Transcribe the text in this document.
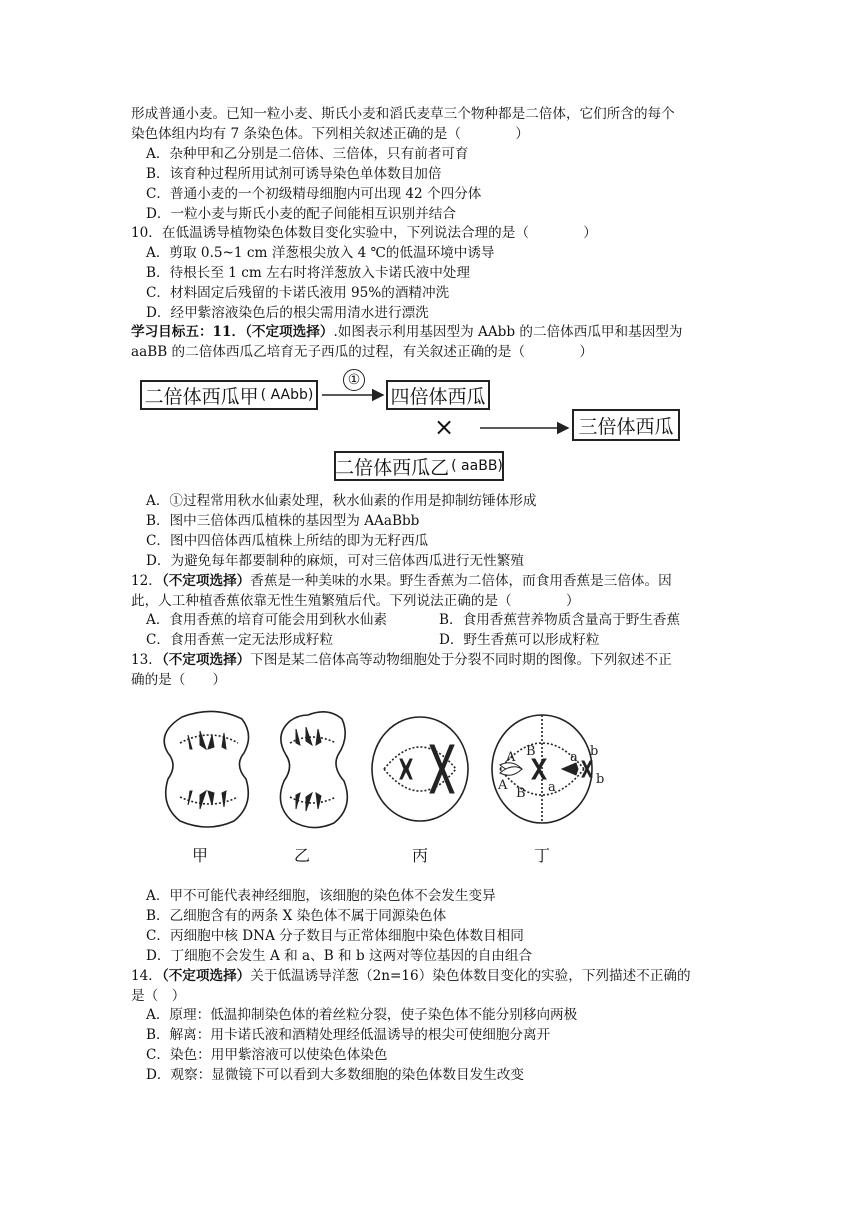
形成普通小麦。已知一粒小麦、斯氏小麦和滔氏麦草三个物种都是二倍体，它们所含的每个
染色体组内均有 7 条染色体。下列相关叙述正确的是（　　　　）
A．杂种甲和乙分别是二倍体、三倍体，只有前者可育
B．该育种过程所用试剂可诱导染色单体数目加倍
C．普通小麦的一个初级精母细胞内可出现 42 个四分体
D．一粒小麦与斯氏小麦的配子间能相互识别并结合
10．在低温诱导植物染色体数目变化实验中，下列说法合理的是（　　　　）
A．剪取 0.5~1 cm 洋葱根尖放入 4 ℃的低温环境中诱导
B．待根长至 1 cm 左右时将洋葱放入卡诺氏液中处理
C．材料固定后残留的卡诺氏液用 95%的酒精冲洗
D．经甲紫溶液染色后的根尖需用清水进行漂洗
学习目标五：11．（不定项选择）.如图表示利用基因型为 AAbb 的二倍体西瓜甲和基因型为
aaBB 的二倍体西瓜乙培育无子西瓜的过程，有关叙述正确的是（　　　　）
二倍体西瓜甲 ( AAbb)
①
四倍体西瓜
×	三倍体西瓜
二倍体西瓜乙 ( aaBB)
A．①过程常用秋水仙素处理，秋水仙素的作用是抑制纺锤体形成
B．图中三倍体西瓜植株的基因型为 AAaBbb
C．图中四倍体西瓜植株上所结的即为无籽西瓜
D．为避免每年都要制种的麻烦，可对三倍体西瓜进行无性繁殖
12．（不定项选择）香蕉是一种美味的水果。野生香蕉为二倍体，而食用香蕉是三倍体。因
此，人工种植香蕉依靠无性生殖繁殖后代。下列说法正确的是（　　　　）
A．食用香蕉的培育可能会用到秋水仙素	B．食用香蕉营养物质含量高于野生香蕉
C．食用香蕉一定无法形成籽粒	D．野生香蕉可以形成籽粒
13．（不定项选择）下图是某二倍体高等动物细胞处于分裂不同时期的图像。下列叙述不正
确的是（　　）
A B	a b
A
B a
b
甲	乙	丙	丁
A．甲不可能代表神经细胞，该细胞的染色体不会发生变异
B．乙细胞含有的两条 X 染色体不属于同源染色体
C．丙细胞中核 DNA 分子数目与正常体细胞中染色体数目相同
D．丁细胞不会发生 A 和 a、B 和 b 这两对等位基因的自由组合
14．（不定项选择）关于低温诱导洋葱（2n=16）染色体数目变化的实验，下列描述不正确的
是（　）
A．原理：低温抑制染色体的着丝粒分裂，使子染色体不能分别移向两极
B．解离：用卡诺氏液和酒精处理经低温诱导的根尖可使细胞分离开
C．染色：用甲紫溶液可以使染色体染色
D．观察：显微镜下可以看到大多数细胞的染色体数目发生改变
